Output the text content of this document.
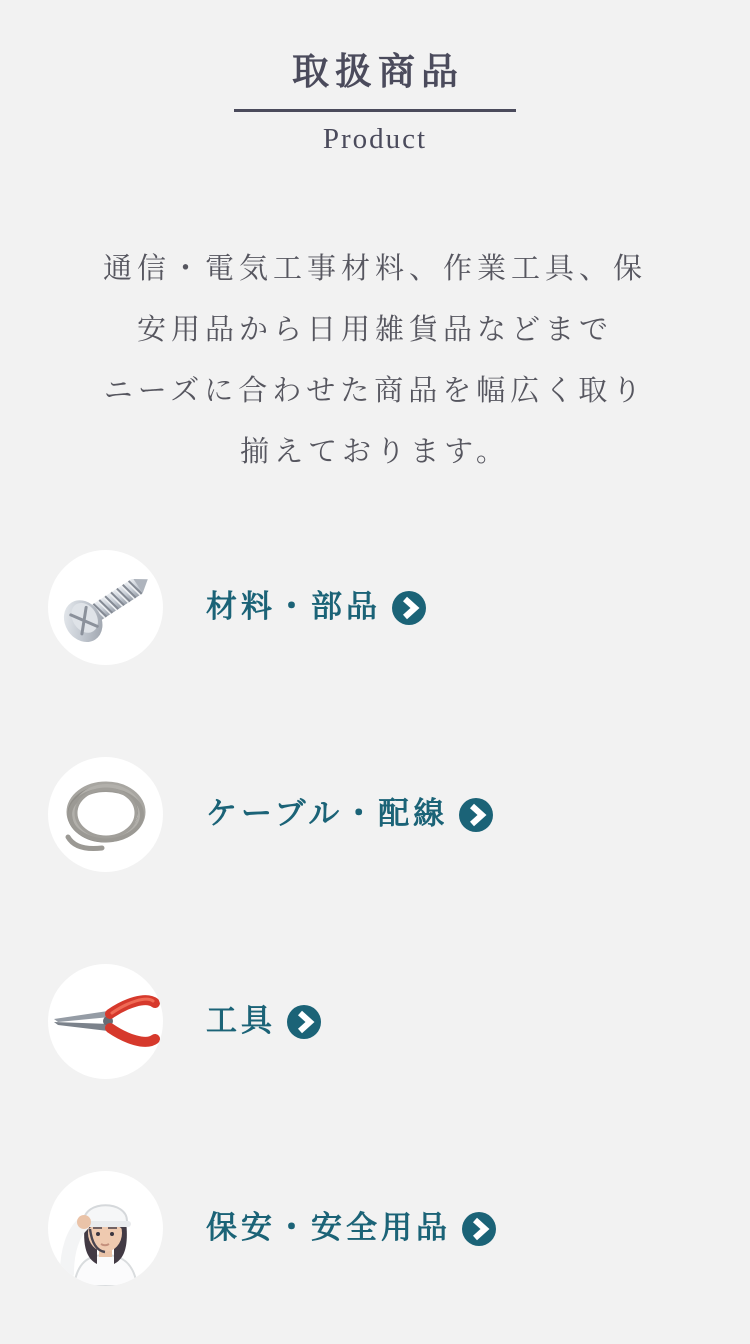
取扱商品
Product

通信・電気工事材料、作業工具、保
安用品から日用雑貨品などまで
ニーズに合わせた商品を幅広く取り
揃えております。

材料・部品
ケーブル・配線
工具
保安・安全用品
